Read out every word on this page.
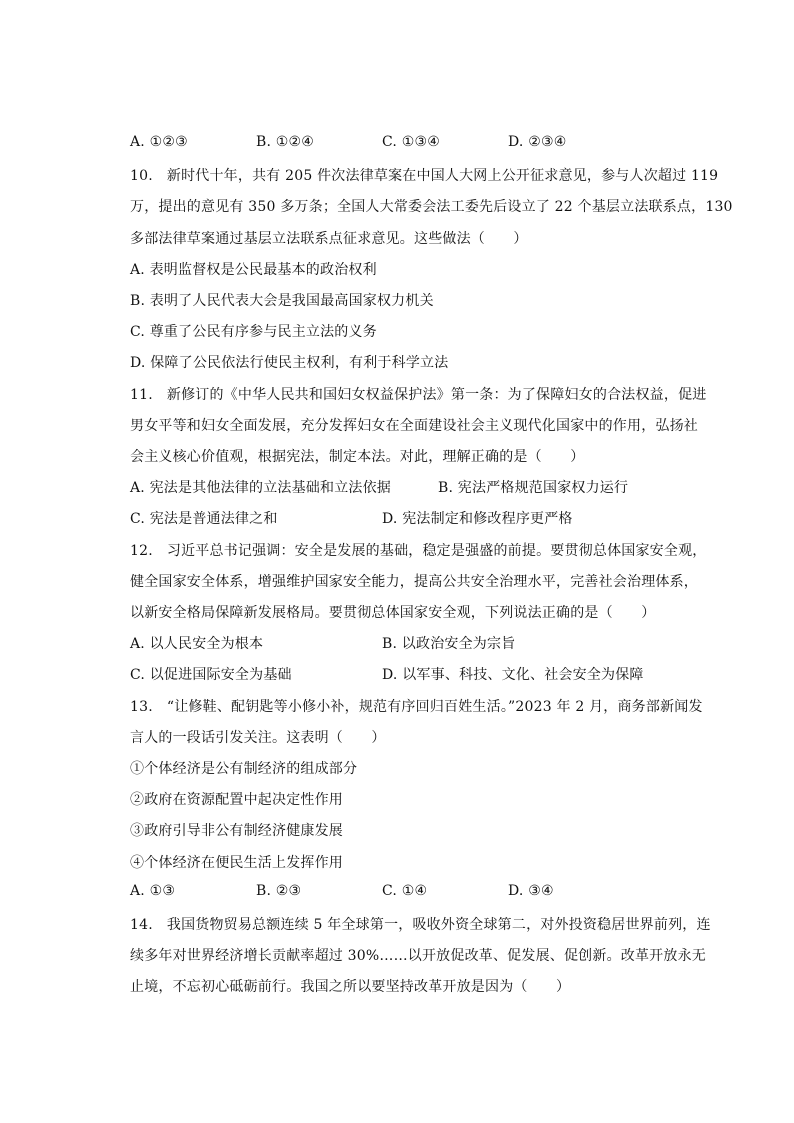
A. ①②③	B. ①②④	C. ①③④	D. ②③④
10. 新时代十年，共有 205 件次法律草案在中国人大网上公开征求意见，参与人次超过 119
万，提出的意见有 350 多万条；全国人大常委会法工委先后设立了 22 个基层立法联系点，130
多部法律草案通过基层立法联系点征求意见。这些做法（　　）
A. 表明监督权是公民最基本的政治权利
B. 表明了人民代表大会是我国最高国家权力机关
C. 尊重了公民有序参与民主立法的义务
D. 保障了公民依法行使民主权利，有利于科学立法
11. 新修订的《中华人民共和国妇女权益保护法》第一条：为了保障妇女的合法权益，促进
男女平等和妇女全面发展，充分发挥妇女在全面建设社会主义现代化国家中的作用，弘扬社
会主义核心价值观，根据宪法，制定本法。对此，理解正确的是（　　）
A. 宪法是其他法律的立法基础和立法依据	B. 宪法严格规范国家权力运行
C. 宪法是普通法律之和	D. 宪法制定和修改程序更严格
12. 习近平总书记强调：安全是发展的基础，稳定是强盛的前提。要贯彻总体国家安全观，
健全国家安全体系，增强维护国家安全能力，提高公共安全治理水平，完善社会治理体系，
以新安全格局保障新发展格局。要贯彻总体国家安全观，下列说法正确的是（　　）
A. 以人民安全为根本	B. 以政治安全为宗旨
C. 以促进国际安全为基础	D. 以军事、科技、文化、社会安全为保障
13. “让修鞋、配钥匙等小修小补，规范有序回归百姓生活。”2023 年 2 月，商务部新闻发
言人的一段话引发关注。这表明（　　）
①个体经济是公有制经济的组成部分
②政府在资源配置中起决定性作用
③政府引导非公有制经济健康发展
④个体经济在便民生活上发挥作用
A. ①③	B. ②③	C. ①④	D. ③④
14. 我国货物贸易总额连续 5 年全球第一，吸收外资全球第二，对外投资稳居世界前列，连
续多年对世界经济增长贡献率超过 30%……以开放促改革、促发展、促创新。改革开放永无
止境，不忘初心砥砺前行。我国之所以要坚持改革开放是因为（　　）
